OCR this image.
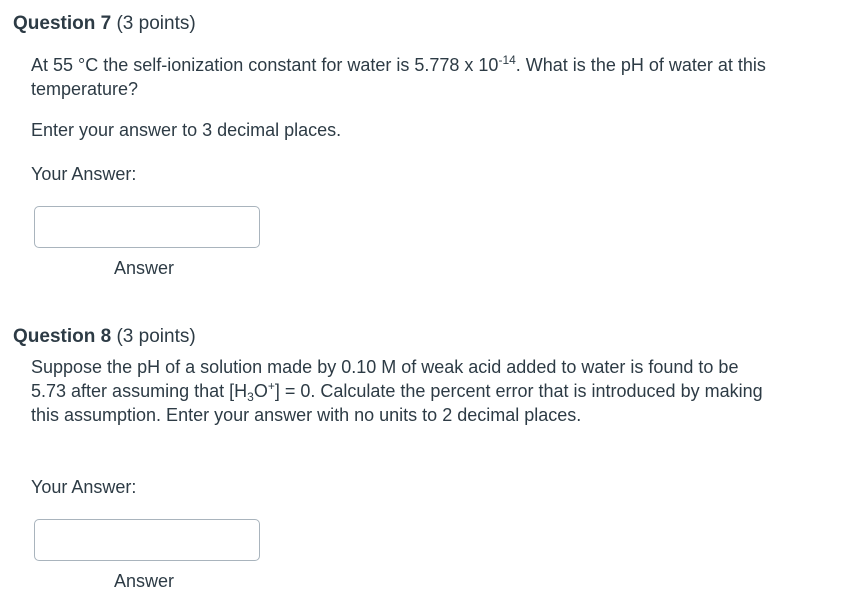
Question 7 (3 points)

At 55 °C the self-ionization constant for water is 5.778 x $10^{-14}$. What is the pH of water at this temperature?

Enter your answer to 3 decimal places.
Your Answer:
Answer
Question 8 (3 points)

Suppose the pH of a solution made by 0.10 M of weak acid added to water is found to be 5.73 after assuming that $[H_3O^+] = 0$. Calculate the percent error that is introduced by making this assumption. Enter your answer with no units to 2 decimal places.

Your Answer:
Answer
